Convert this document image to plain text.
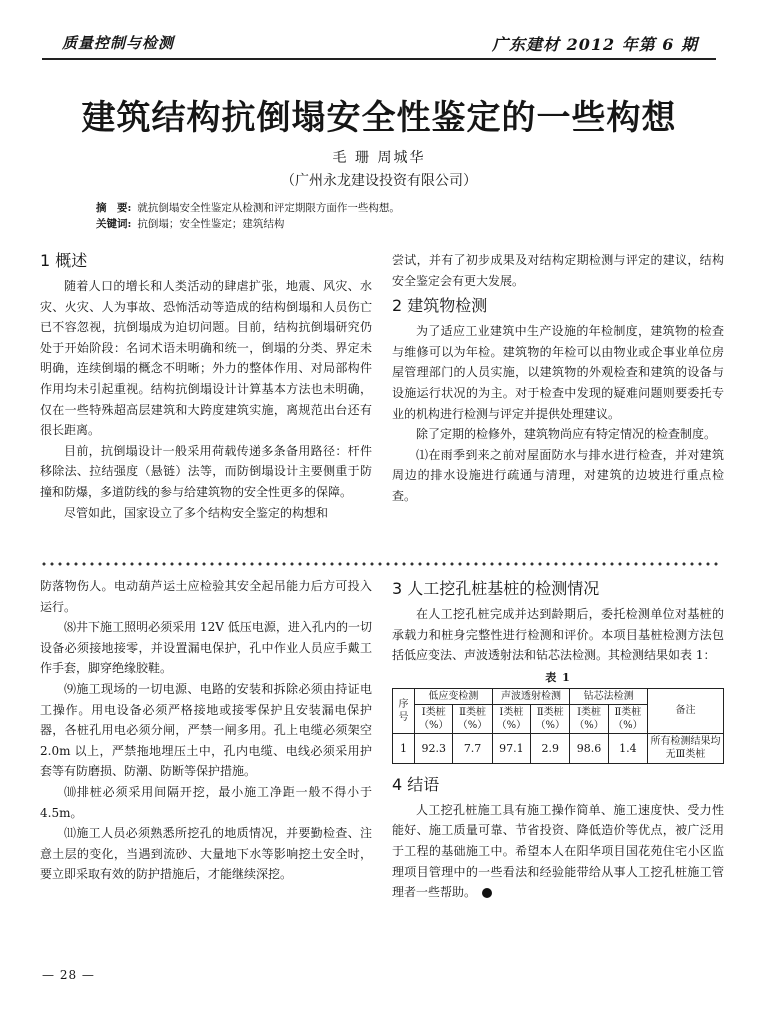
质量控制与检测	广东建材 2012 年第 6 期
建筑结构抗倒塌安全性鉴定的一些构想
毛 珊 周城华
（广州永龙建设投资有限公司）
摘　要: 就抗倒塌安全性鉴定从检测和评定期限方面作一些构想。
关键词: 抗倒塌；安全性鉴定；建筑结构
1 概述

随着人口的增长和人类活动的肆虐扩张，地震、风灾、水灾、火灾、人为事故、恐怖活动等造成的结构倒塌和人员伤亡已不容忽视，抗倒塌成为迫切问题。目前，结构抗倒塌研究仍处于开始阶段：名词术语未明确和统一，倒塌的分类、界定未明确，连续倒塌的概念不明晰；外力的整体作用、对局部构件作用均未引起重视。结构抗倒塌设计计算基本方法也未明确，仅在一些特殊超高层建筑和大跨度建筑实施，离规范出台还有很长距离。

目前，抗倒塌设计一般采用荷载传递多条备用路径：杆件移除法、拉结强度（悬链）法等，而防倒塌设计主要侧重于防撞和防爆，多道防线的参与给建筑物的安全性更多的保障。

尽管如此，国家设立了多个结构安全鉴定的构想和

尝试，并有了初步成果及对结构定期检测与评定的建议，结构安全鉴定会有更大发展。

2 建筑物检测

为了适应工业建筑中生产设施的年检制度，建筑物的检查与维修可以为年检。建筑物的年检可以由物业或企事业单位房屋管理部门的人员实施，以建筑物的外观检查和建筑的设备与设施运行状况的为主。对于检查中发现的疑难问题则要委托专业的机构进行检测与评定并提供处理建议。

除了定期的检修外，建筑物尚应有特定情况的检查制度。

⑴在雨季到来之前对屋面防水与排水进行检查，并对建筑周边的排水设施进行疏通与清理，对建筑的边坡进行重点检查。

防落物伤人。电动葫芦运土应检验其安全起吊能力后方可投入运行。

⑻井下施工照明必须采用 12V 低压电源，进入孔内的一切设备必须接地接零，并设置漏电保护，孔中作业人员应手戴工作手套，脚穿绝缘胶鞋。

⑼施工现场的一切电源、电路的安装和拆除必须由持证电工操作。用电设备必须严格接地或接零保护且安装漏电保护器，各桩孔用电必须分闸，严禁一闸多用。孔上电缆必须架空 2.0m 以上，严禁拖地埋压土中，孔内电缆、电线必须采用护套等有防磨损、防潮、防断等保护措施。

⑽排桩必须采用间隔开挖，最小施工净距一般不得小于 4.5m。

⑾施工人员必须熟悉所挖孔的地质情况，并要勤检查、注意土层的变化，当遇到流砂、大量地下水等影响挖土安全时，要立即采取有效的防护措施后，才能继续深挖。

3 人工挖孔桩基桩的检测情况

在人工挖孔桩完成并达到龄期后，委托检测单位对基桩的承载力和桩身完整性进行检测和评价。本项目基桩检测方法包括低应变法、声波透射法和钻芯法检测。其检测结果如表 1：

表 1
序号	低应变检测		声波透射检测		钻芯法检测		备注
	Ⅰ类桩（%）	Ⅱ类桩（%）	Ⅰ类桩（%）	Ⅱ类桩（%）	Ⅰ类桩（%）	Ⅱ类桩（%）	
1	92.3	7.7	97.1	2.9	98.6	1.4	所有检测结果均无Ⅲ类桩
4 结语

人工挖孔桩施工具有施工操作简单、施工速度快、受力性能好、施工质量可靠、节省投资、降低造价等优点，被广泛用于工程的基础施工中。希望本人在阳华项目国花苑住宅小区监理项目管理中的一些看法和经验能带给从事人工挖孔桩施工管理者一些帮助。

— 28 —
